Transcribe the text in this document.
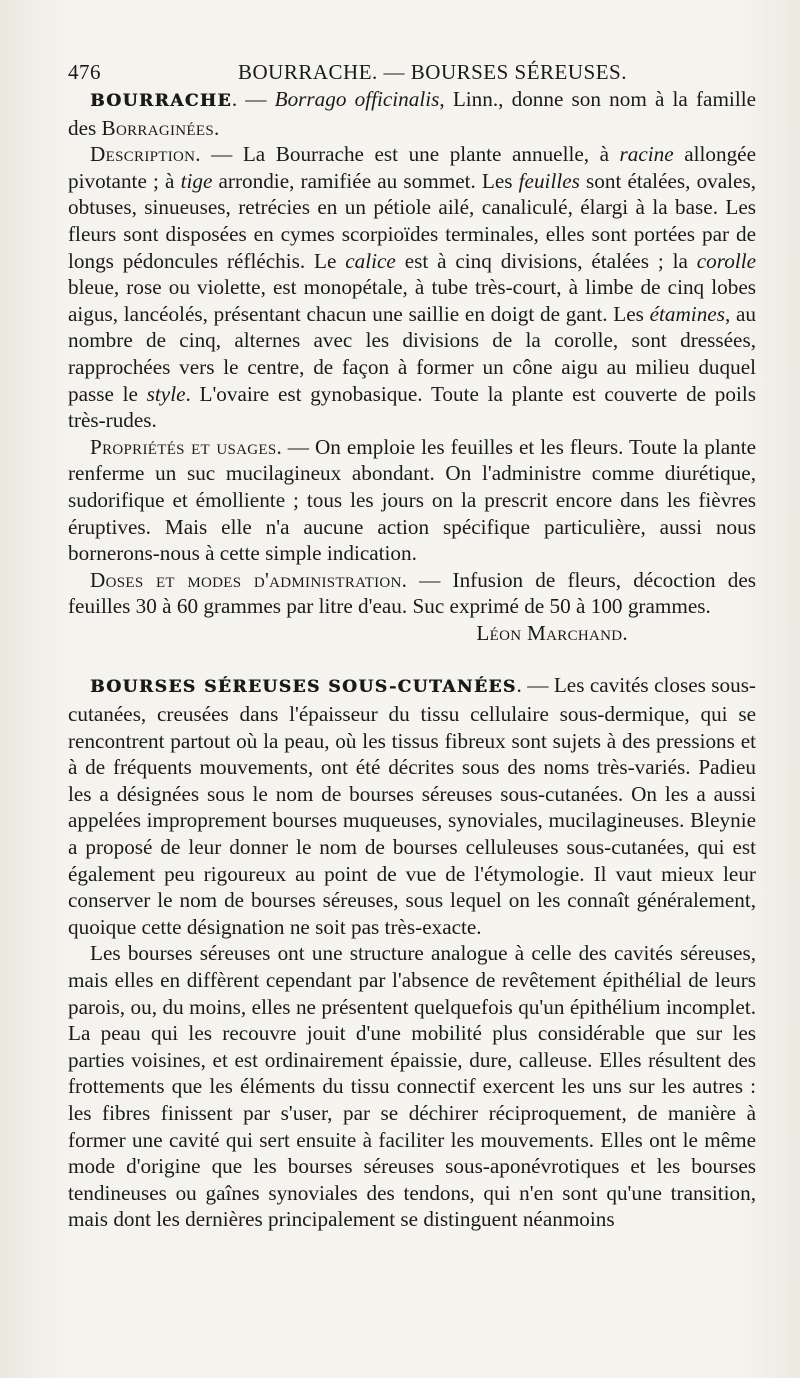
476	BOURRACHE. — BOURSES SÉREUSES.

BOURRACHE. — Borrago officinalis, Linn., donne son nom à la famille des Borraginées.

Description. — La Bourrache est une plante annuelle, à racine allongée pivotante ; à tige arrondie, ramifiée au sommet. Les feuilles sont étalées, ovales, obtuses, sinueuses, retrécies en un pétiole ailé, canaliculé, élargi à la base. Les fleurs sont disposées en cymes scorpioïdes terminales, elles sont portées par de longs pédoncules réfléchis. Le calice est à cinq divisions, étalées ; la corolle bleue, rose ou violette, est monopétale, à tube très-court, à limbe de cinq lobes aigus, lancéolés, présentant chacun une saillie en doigt de gant. Les étamines, au nombre de cinq, alternes avec les divisions de la corolle, sont dressées, rapprochées vers le centre, de façon à former un cône aigu au milieu duquel passe le style. L'ovaire est gynobasique. Toute la plante est couverte de poils très-rudes.

Propriétés et usages. — On emploie les feuilles et les fleurs. Toute la plante renferme un suc mucilagineux abondant. On l'administre comme diurétique, sudorifique et émolliente ; tous les jours on la prescrit encore dans les fièvres éruptives. Mais elle n'a aucune action spécifique particulière, aussi nous bornerons-nous à cette simple indication.

Doses et modes d'administration. — Infusion de fleurs, décoction des feuilles 30 à 60 grammes par litre d'eau. Suc exprimé de 50 à 100 grammes.

Léon Marchand.

BOURSES SÉREUSES SOUS-CUTANÉES. — Les cavités closes sous-cutanées, creusées dans l'épaisseur du tissu cellulaire sous-dermique, qui se rencontrent partout où la peau, où les tissus fibreux sont sujets à des pressions et à de fréquents mouvements, ont été décrites sous des noms très-variés. Padieu les a désignées sous le nom de bourses séreuses sous-cutanées. On les a aussi appelées improprement bourses muqueuses, synoviales, mucilagineuses. Bleynie a proposé de leur donner le nom de bourses celluleuses sous-cutanées, qui est également peu rigoureux au point de vue de l'étymologie. Il vaut mieux leur conserver le nom de bourses séreuses, sous lequel on les connaît généralement, quoique cette désignation ne soit pas très-exacte.

Les bourses séreuses ont une structure analogue à celle des cavités séreuses, mais elles en diffèrent cependant par l'absence de revêtement épithélial de leurs parois, ou, du moins, elles ne présentent quelquefois qu'un épithélium incomplet. La peau qui les recouvre jouit d'une mobilité plus considérable que sur les parties voisines, et est ordinairement épaissie, dure, calleuse. Elles résultent des frottements que les éléments du tissu connectif exercent les uns sur les autres : les fibres finissent par s'user, par se déchirer réciproquement, de manière à former une cavité qui sert ensuite à faciliter les mouvements. Elles ont le même mode d'origine que les bourses séreuses sous-aponévrotiques et les bourses tendineuses ou gaînes synoviales des tendons, qui n'en sont qu'une transition, mais dont les dernières principalement se distinguent néanmoins
